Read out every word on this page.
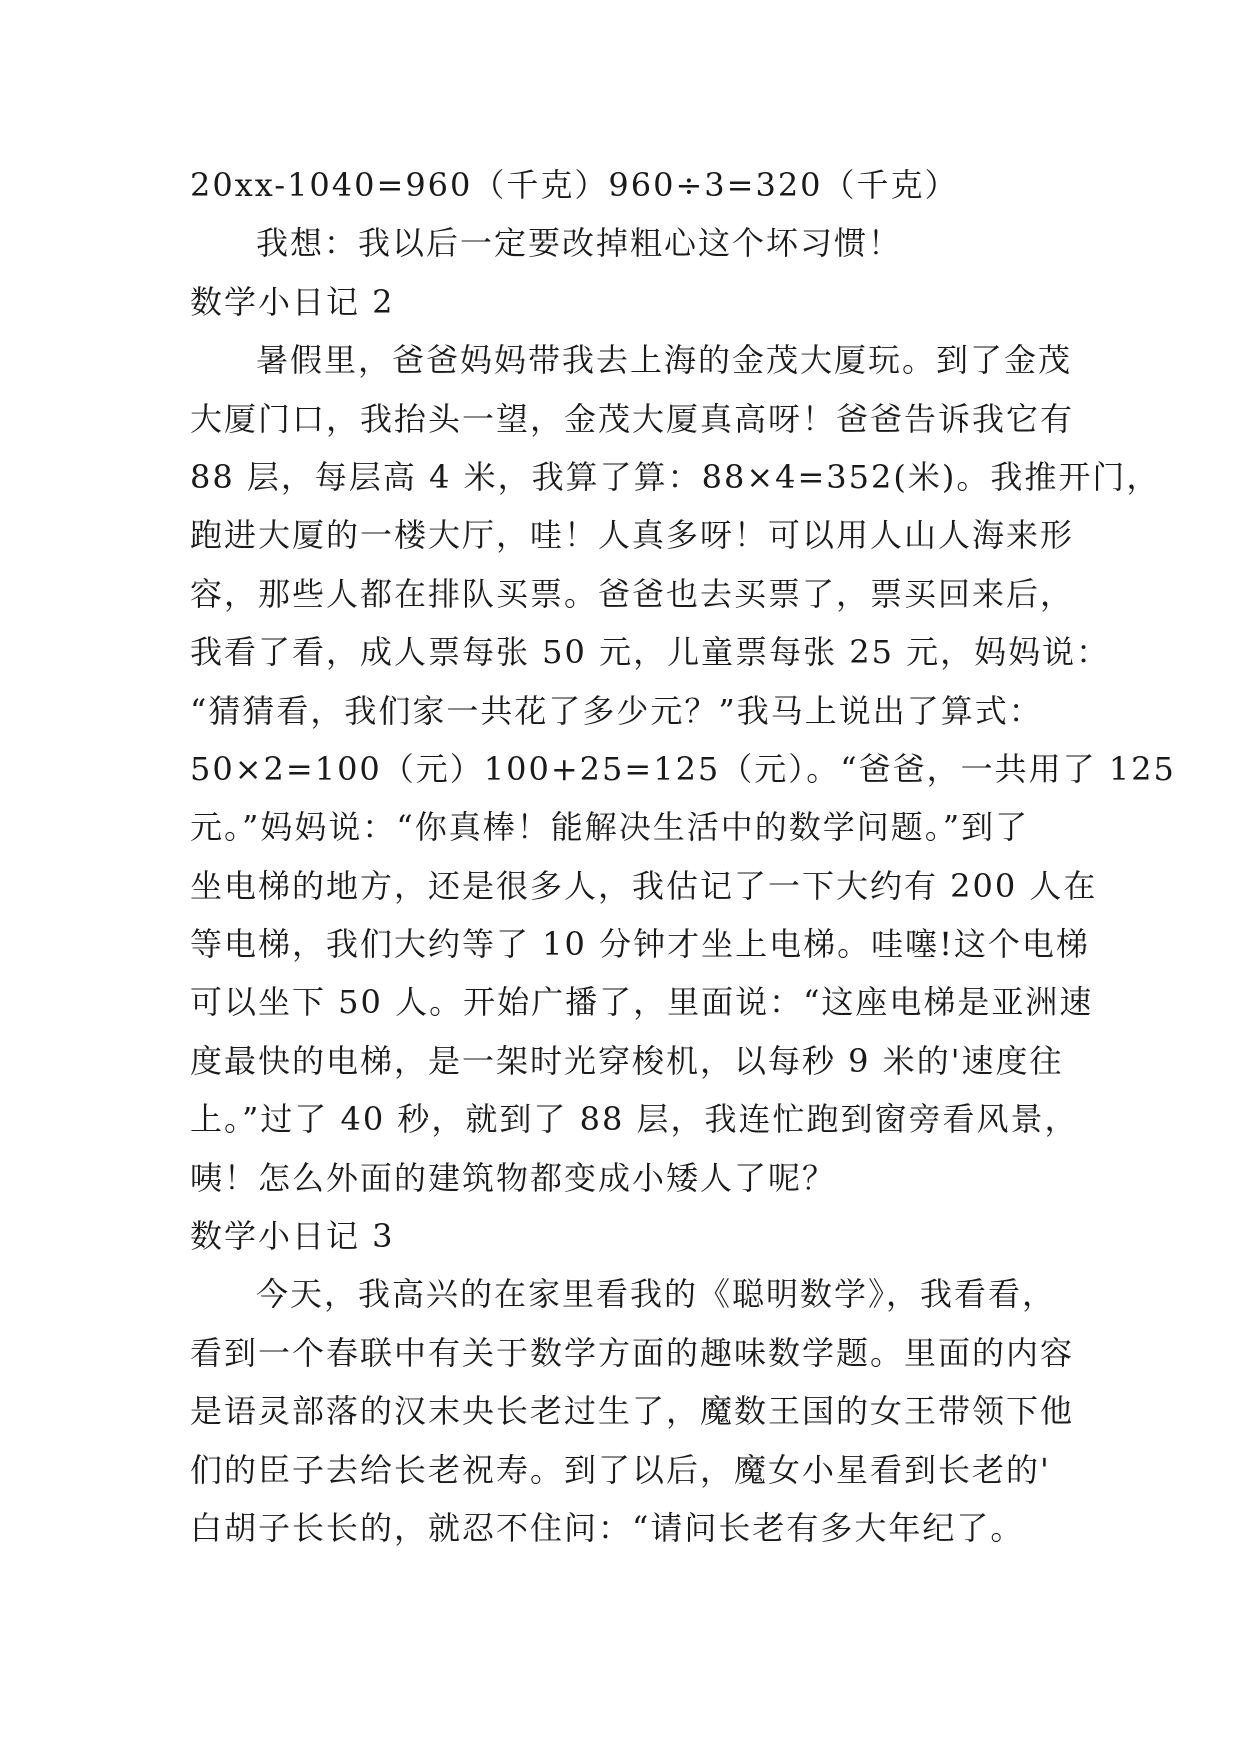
20xx-1040=960（千克）960÷3=320（千克）
我想：我以后一定要改掉粗心这个坏习惯！
数学小日记 2
暑假里，爸爸妈妈带我去上海的金茂大厦玩。到了金茂
大厦门口，我抬头一望，金茂大厦真高呀！爸爸告诉我它有
88 层，每层高 4 米，我算了算：88×4=352(米)。我推开门，
跑进大厦的一楼大厅，哇！人真多呀！可以用人山人海来形
容，那些人都在排队买票。爸爸也去买票了，票买回来后，
我看了看，成人票每张 50 元，儿童票每张 25 元，妈妈说：
“猜猜看，我们家一共花了多少元？”我马上说出了算式：
50×2=100（元）100+25=125（元）。“爸爸，一共用了 125
元。”妈妈说：“你真棒！能解决生活中的数学问题。”到了
坐电梯的地方，还是很多人，我估记了一下大约有 200 人在
等电梯，我们大约等了 10 分钟才坐上电梯。哇噻!这个电梯
可以坐下 50 人。开始广播了，里面说：“这座电梯是亚洲速
度最快的电梯，是一架时光穿梭机，以每秒 9 米的'速度往
上。”过了 40 秒，就到了 88 层，我连忙跑到窗旁看风景，
咦！怎么外面的建筑物都变成小矮人了呢？
数学小日记 3
今天，我高兴的在家里看我的《聪明数学》，我看看，
看到一个春联中有关于数学方面的趣味数学题。里面的内容
是语灵部落的汉末央长老过生了，魔数王国的女王带领下他
们的臣子去给长老祝寿。到了以后，魔女小星看到长老的'
白胡子长长的，就忍不住问：“请问长老有多大年纪了。
